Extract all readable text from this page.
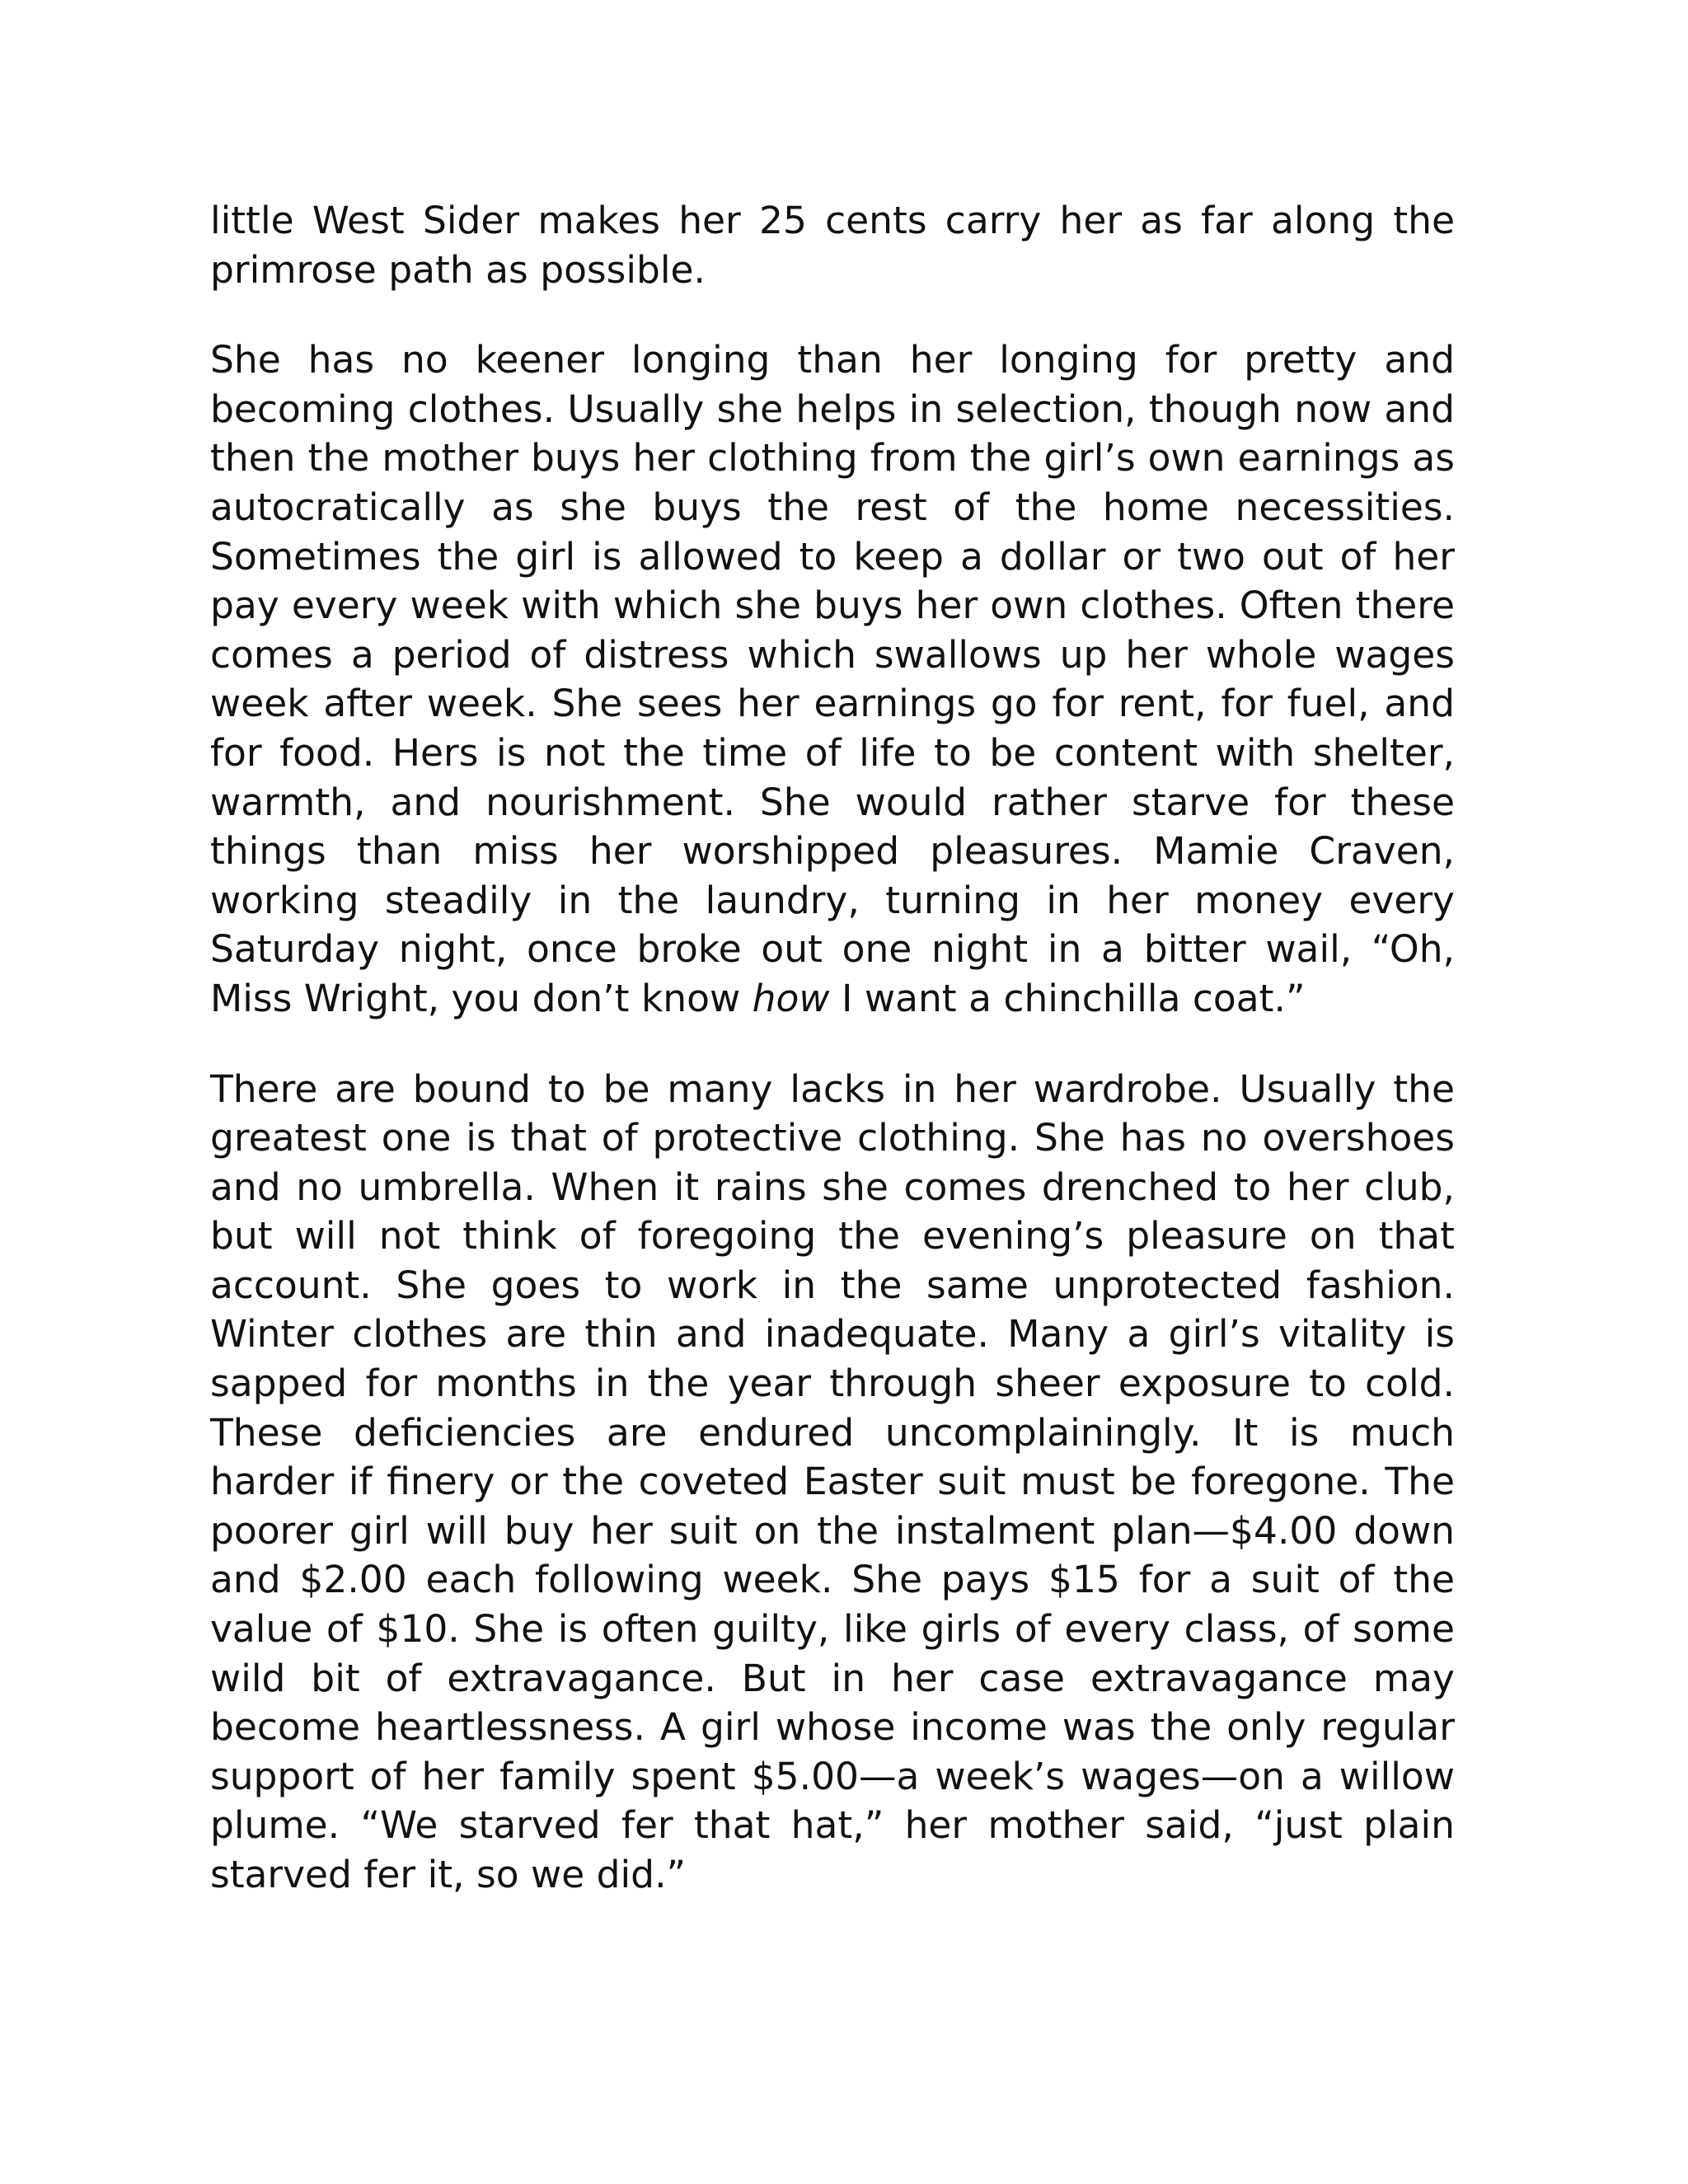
little West Sider makes her 25 cents carry her as far along the primrose path as possible.

She has no keener longing than her longing for pretty and becoming clothes. Usually she helps in selection, though now and then the mother buys her clothing from the girl’s own earnings as autocratically as she buys the rest of the home necessities. Sometimes the girl is allowed to keep a dollar or two out of her pay every week with which she buys her own clothes. Often there comes a period of distress which swallows up her whole wages week after week. She sees her earnings go for rent, for fuel, and for food. Hers is not the time of life to be content with shelter, warmth, and nourishment. She would rather starve for these things than miss her worshipped pleasures. Mamie Craven, working steadily in the laundry, turning in her money every Saturday night, once broke out one night in a bitter wail, “Oh, Miss Wright, you don’t know how I want a chinchilla coat.”

There are bound to be many lacks in her wardrobe. Usually the greatest one is that of protective clothing. She has no overshoes and no umbrella. When it rains she comes drenched to her club, but will not think of foregoing the evening’s pleasure on that account. She goes to work in the same unprotected fashion. Winter clothes are thin and inadequate. Many a girl’s vitality is sapped for months in the year through sheer exposure to cold. These deficiencies are endured uncomplainingly. It is much harder if finery or the coveted Easter suit must be foregone. The poorer girl will buy her suit on the instalment plan—$4.00 down and $2.00 each following week. She pays $15 for a suit of the value of $10. She is often guilty, like girls of every class, of some wild bit of extravagance. But in her case extravagance may become heartlessness. A girl whose income was the only regular support of her family spent $5.00—a week’s wages—on a willow plume. “We starved fer that hat,” her mother said, “just plain starved fer it, so we did.”
